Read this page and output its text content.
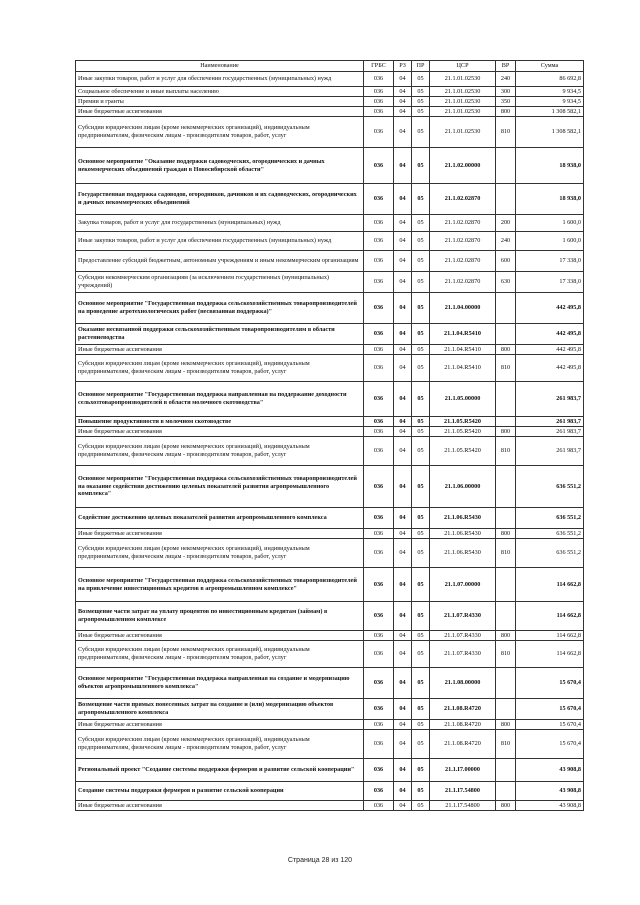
Наименование	ГРБС	РЗ	ПР	ЦСР	ВР	Сумма
Иные закупки товаров, работ и услуг для обеспечения государственных (муниципальных) нужд	036	04	05	21.1.01.02530	240	86 692,8
Социальное обеспечение и иные выплаты населению	036	04	05	21.1.01.02530	300	9 934,5
Премии и гранты	036	04	05	21.1.01.02530	350	9 934,5
Иные бюджетные ассигнования	036	04	05	21.1.01.02530	800	1 308 582,1
Субсидии юридическим лицам (кроме некоммерческих организаций), индивидуальным предпринимателям, физическим лицам - производителям товаров, работ, услуг	036	04	05	21.1.01.02530	810	1 308 582,1
Основное мероприятие "Оказание поддержки садоводческих, огороднических и дачных некоммерческих объединений граждан в Новосибирской области"	036	04	05	21.1.02.00000		18 938,0
Государственная поддержка садоводов, огородников, дачников и их садоводческих, огороднических и дачных некоммерческих объединений	036	04	05	21.1.02.02870		18 938,0
Закупка товаров, работ и услуг для государственных (муниципальных) нужд	036	04	05	21.1.02.02870	200	1 600,0
Иные закупки товаров, работ и услуг для обеспечения государственных (муниципальных) нужд	036	04	05	21.1.02.02870	240	1 600,0
Предоставление субсидий бюджетным, автономным учреждениям и иным некоммерческим организациям	036	04	05	21.1.02.02870	600	17 338,0
Субсидии некоммерческим организациям (за исключением государственных (муниципальных) учреждений)	036	04	05	21.1.02.02870	630	17 338,0
Основное мероприятие "Государственная поддержка сельскохозяйственных товаропроизводителей на проведение агротехнологических работ (несвязанная поддержка)"	036	04	05	21.1.04.00000		442 495,8
Оказание несвязанной поддержки сельскохозяйственным товаропроизводителям в области растениеводства	036	04	05	21.1.04.R5410		442 495,8
Иные бюджетные ассигнования	036	04	05	21.1.04.R5410	800	442 495,8
Субсидии юридическим лицам (кроме некоммерческих организаций), индивидуальным предпринимателям, физическим лицам - производителям товаров, работ, услуг	036	04	05	21.1.04.R5410	810	442 495,8
Основное мероприятие "Государственная поддержка направленная на поддержание доходности сельхозтоваропроизводителей в области молочного скотоводства"	036	04	05	21.1.05.00000		261 983,7
Повышение продуктивности в молочном скотоводстве	036	04	05	21.1.05.R5420		261 983,7
Иные бюджетные ассигнования	036	04	05	21.1.05.R5420	800	261 983,7
Субсидии юридическим лицам (кроме некоммерческих организаций), индивидуальным предпринимателям, физическим лицам - производителям товаров, работ, услуг	036	04	05	21.1.05.R5420	810	261 983,7
Основное мероприятие "Государственная поддержка сельскохозяйственных товаропроизводителей на оказание содействия достижению целевых показателей развития агропромышленного комплекса"	036	04	05	21.1.06.00000		636 551,2
Содействие достижению целевых показателей развития агропромышленного комплекса	036	04	05	21.1.06.R5430		636 551,2
Иные бюджетные ассигнования	036	04	05	21.1.06.R5430	800	636 551,2
Субсидии юридическим лицам (кроме некоммерческих организаций), индивидуальным предпринимателям, физическим лицам - производителям товаров, работ, услуг	036	04	05	21.1.06.R5430	810	636 551,2
Основное мероприятие "Государственная поддержка сельскохозяйственных товаропроизводителей на привлечение инвестиционных кредитов в агропромышленном комплексе"	036	04	05	21.1.07.00000		114 662,8
Возмещение части затрат на уплату процентов по инвестиционным кредитам (займам) в агропромышленном комплексе	036	04	05	21.1.07.R4330		114 662,8
Иные бюджетные ассигнования	036	04	05	21.1.07.R4330	800	114 662,8
Субсидии юридическим лицам (кроме некоммерческих организаций), индивидуальным предпринимателям, физическим лицам - производителям товаров, работ, услуг	036	04	05	21.1.07.R4330	810	114 662,8
Основное мероприятие "Государственная поддержка направленная на создание и модернизацию объектов агропромышленного комплекса"	036	04	05	21.1.08.00000		15 670,4
Возмещение части прямых понесенных затрат на создание и (или) модернизацию объектов агропромышленного комплекса	036	04	05	21.1.08.R4720		15 670,4
Иные бюджетные ассигнования	036	04	05	21.1.08.R4720	800	15 670,4
Субсидии юридическим лицам (кроме некоммерческих организаций), индивидуальным предпринимателям, физическим лицам - производителям товаров, работ, услуг	036	04	05	21.1.08.R4720	810	15 670,4
Региональный проект "Создание системы поддержки фермеров и развитие сельской кооперации"	036	04	05	21.1.I7.00000		43 908,8
Создание системы поддержки фермеров и развитие сельской кооперации	036	04	05	21.1.I7.54800		43 908,8
Иные бюджетные ассигнования	036	04	05	21.1.I7.54800	800	43 908,8
Страница 28 из 120
